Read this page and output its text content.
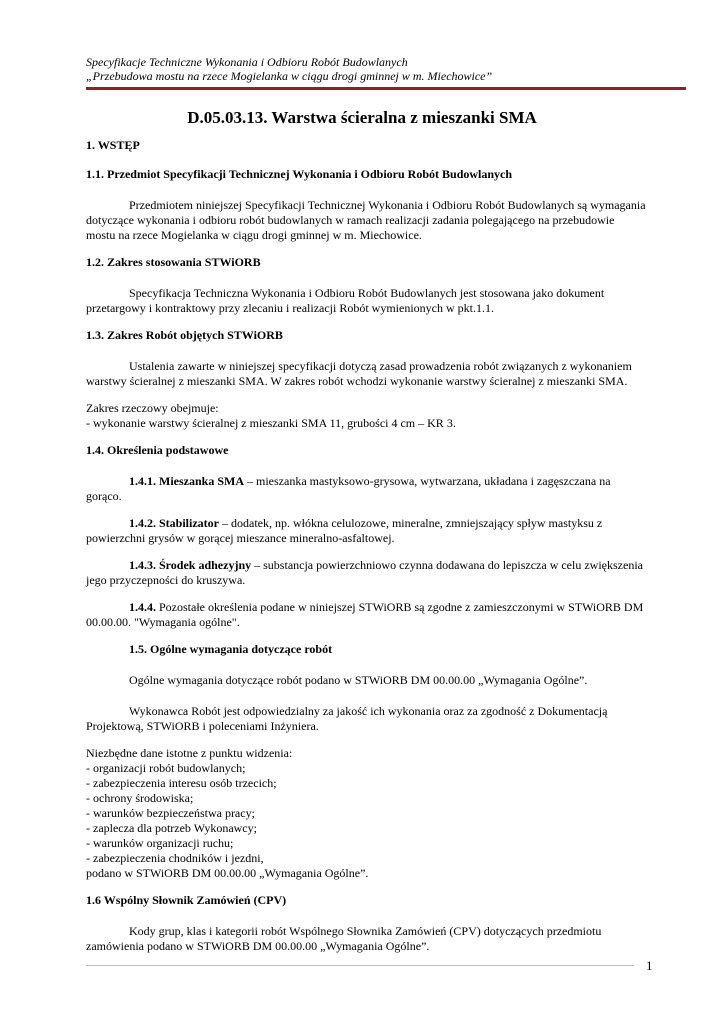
Specyfikacje Techniczne Wykonania i Odbioru Robót Budowlanych
„Przebudowa mostu na rzece Mogielanka w ciągu drogi gminnej w m. Miechowice”
D.05.03.13. Warstwa ścieralna z mieszanki SMA

1. WSTĘP

1.1. Przedmiot Specyfikacji Technicznej Wykonania i Odbioru Robót Budowlanych

Przedmiotem niniejszej Specyfikacji Technicznej Wykonania i Odbioru Robót Budowlanych są wymagania dotyczące wykonania i odbioru robót budowlanych w ramach realizacji zadania polegającego na przebudowie mostu na rzece Mogielanka w ciągu drogi gminnej w m. Miechowice.

1.2. Zakres stosowania STWiORB

Specyfikacja Techniczna Wykonania i Odbioru Robót Budowlanych jest stosowana jako dokument przetargowy i kontraktowy przy zlecaniu i realizacji Robót wymienionych w pkt.1.1.

1.3. Zakres Robót objętych STWiORB

Ustalenia zawarte w niniejszej specyfikacji dotyczą zasad prowadzenia robót związanych z wykonaniem warstwy ścieralnej z mieszanki SMA. W zakres robót wchodzi wykonanie warstwy ścieralnej z mieszanki SMA.

Zakres rzeczowy obejmuje:

- wykonanie warstwy ścieralnej z mieszanki SMA 11, grubości 4 cm – KR 3.

1.4. Określenia podstawowe

1.4.1. Mieszanka SMA – mieszanka mastyksowo-grysowa, wytwarzana, układana i zagęszczana na gorąco.

1.4.2. Stabilizator – dodatek, np. włókna celulozowe, mineralne, zmniejszający spływ mastyksu z powierzchni grysów w gorącej mieszance mineralno-asfaltowej.

1.4.3. Środek adhezyjny – substancja powierzchniowo czynna dodawana do lepiszcza w celu zwiększenia jego przyczepności do kruszywa.

1.4.4. Pozostałe określenia podane w niniejszej STWiORB są zgodne z zamieszczonymi w STWiORB DM 00.00.00. "Wymagania ogólne".

1.5. Ogólne wymagania dotyczące robót

Ogólne wymagania dotyczące robót podano w STWiORB DM 00.00.00 „Wymagania Ogólne”.

Wykonawca Robót jest odpowiedzialny za jakość ich wykonania oraz za zgodność z Dokumentacją Projektową, STWiORB i poleceniami Inżyniera.

Niezbędne dane istotne z punktu widzenia:

- organizacji robót budowlanych;

- zabezpieczenia interesu osób trzecich;

- ochrony środowiska;

- warunków bezpieczeństwa pracy;

- zaplecza dla potrzeb Wykonawcy;

- warunków organizacji ruchu;

- zabezpieczenia chodników i jezdni,

podano w STWiORB DM 00.00.00 „Wymagania Ogólne”.

1.6 Wspólny Słownik Zamówień (CPV)

Kody grup, klas i kategorii robót Wspólnego Słownika Zamówień (CPV) dotyczących przedmiotu zamówienia podano w STWiORB DM 00.00.00 „Wymagania Ogólne”.

1
